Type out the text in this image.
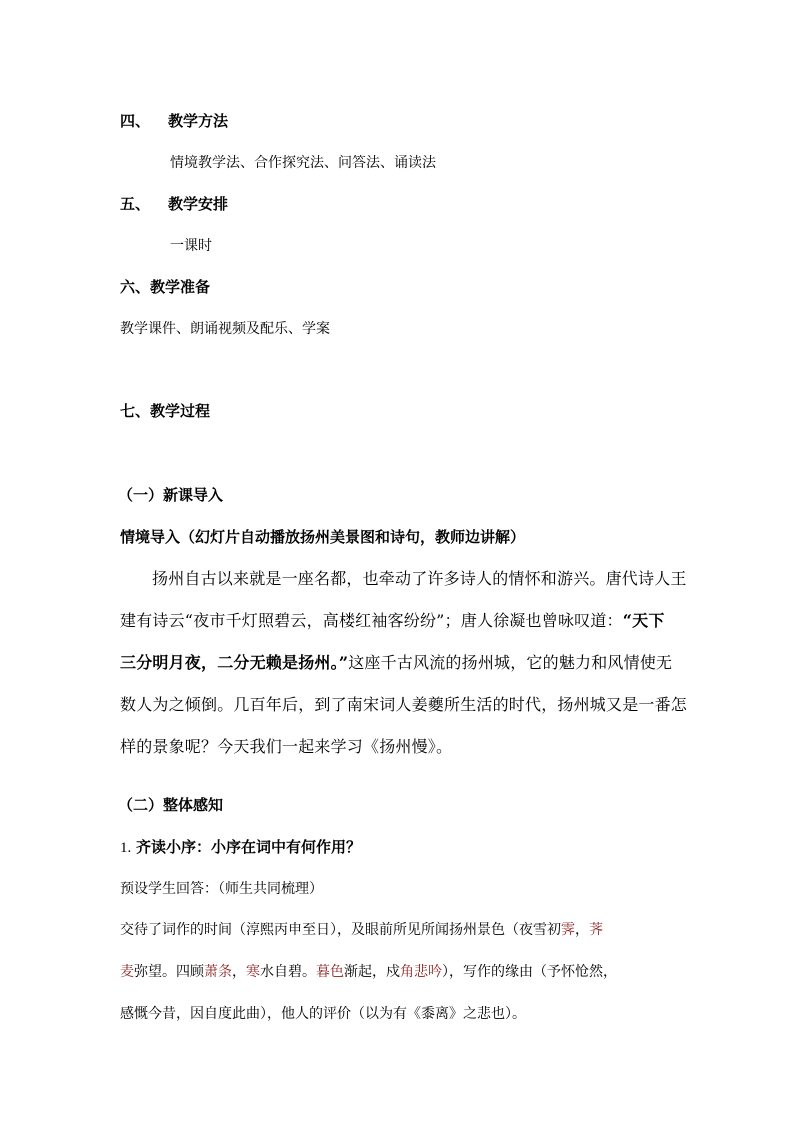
四、 教学方法
情境教学法、合作探究法、问答法、诵读法
五、 教学安排
一课时
六、教学准备
教学课件、朗诵视频及配乐、学案
七、教学过程
（一）新课导入
情境导入（幻灯片自动播放扬州美景图和诗句，教师边讲解）
扬州自古以来就是一座名都，也牵动了许多诗人的情怀和游兴。唐代诗人王
建有诗云“夜市千灯照碧云，高楼红袖客纷纷”；唐人徐凝也曾咏叹道：“天下
三分明月夜，二分无赖是扬州。”这座千古风流的扬州城，它的魅力和风情使无
数人为之倾倒。几百年后，到了南宋词人姜夔所生活的时代，扬州城又是一番怎
样的景象呢？今天我们一起来学习《扬州慢》。
（二）整体感知
1. 齐读小序：小序在词中有何作用？
预设学生回答：（师生共同梳理）
交待了词作的时间（淳熙丙申至日），及眼前所见所闻扬州景色（夜雪初霁，荠
麦弥望。四顾萧条，寒水自碧。暮色渐起，戍角悲吟），写作的缘由（予怀怆然，
感慨今昔，因自度此曲），他人的评价（以为有《黍离》之悲也）。
